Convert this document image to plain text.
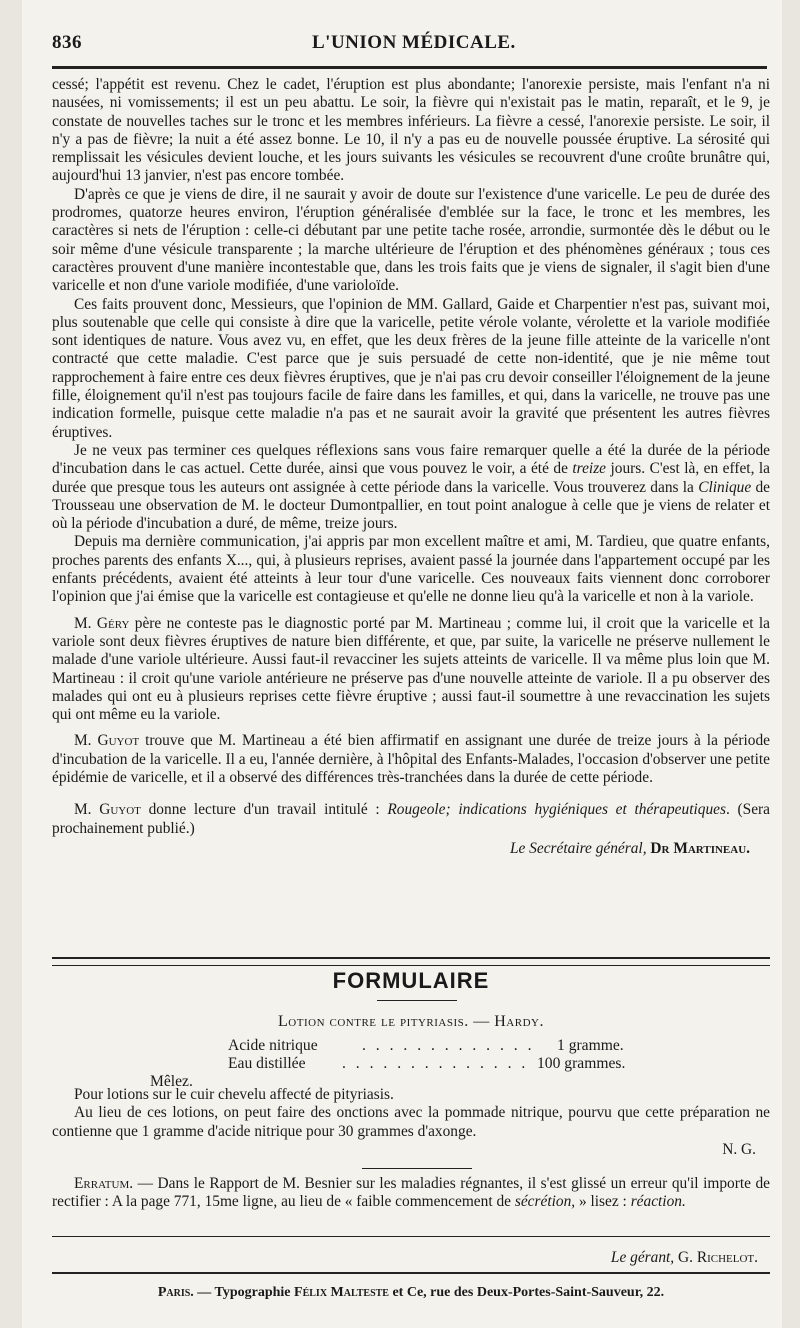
836	L'UNION MÉDICALE.

cessé; l'appétit est revenu. Chez le cadet, l'éruption est plus abondante; l'anorexie persiste, mais l'enfant n'a ni nausées, ni vomissements; il est un peu abattu. Le soir, la fièvre qui n'existait pas le matin, reparaît, et le 9, je constate de nouvelles taches sur le tronc et les membres inférieurs. La fièvre a cessé, l'anorexie persiste. Le soir, il n'y a pas de fièvre; la nuit a été assez bonne. Le 10, il n'y a pas eu de nouvelle poussée éruptive. La sérosité qui remplissait les vésicules devient louche, et les jours suivants les vésicules se recouvrent d'une croûte brunâtre qui, aujourd'hui 13 janvier, n'est pas encore tombée.

D'après ce que je viens de dire, il ne saurait y avoir de doute sur l'existence d'une varicelle. Le peu de durée des prodromes, quatorze heures environ, l'éruption généralisée d'emblée sur la face, le tronc et les membres, les caractères si nets de l'éruption : celle-ci débutant par une petite tache rosée, arrondie, surmontée dès le début ou le soir même d'une vésicule transparente ; la marche ultérieure de l'éruption et des phénomènes généraux ; tous ces caractères prouvent d'une manière incontestable que, dans les trois faits que je viens de signaler, il s'agit bien d'une varicelle et non d'une variole modifiée, d'une varioloïde.

Ces faits prouvent donc, Messieurs, que l'opinion de MM. Gallard, Gaide et Charpentier n'est pas, suivant moi, plus soutenable que celle qui consiste à dire que la varicelle, petite vérole volante, vérolette et la variole modifiée sont identiques de nature. Vous avez vu, en effet, que les deux frères de la jeune fille atteinte de la varicelle n'ont contracté que cette maladie. C'est parce que je suis persuadé de cette non-identité, que je nie même tout rapprochement à faire entre ces deux fièvres éruptives, que je n'ai pas cru devoir conseiller l'éloignement de la jeune fille, éloignement qu'il n'est pas toujours facile de faire dans les familles, et qui, dans la varicelle, ne trouve pas une indication formelle, puisque cette maladie n'a pas et ne saurait avoir la gravité que présentent les autres fièvres éruptives.

Je ne veux pas terminer ces quelques réflexions sans vous faire remarquer quelle a été la durée de la période d'incubation dans le cas actuel. Cette durée, ainsi que vous pouvez le voir, a été de treize jours. C'est là, en effet, la durée que presque tous les auteurs ont assignée à cette période dans la varicelle. Vous trouverez dans la Clinique de Trousseau une observation de M. le docteur Dumontpallier, en tout point analogue à celle que je viens de relater et où la période d'incubation a duré, de même, treize jours.

Depuis ma dernière communication, j'ai appris par mon excellent maître et ami, M. Tardieu, que quatre enfants, proches parents des enfants X..., qui, à plusieurs reprises, avaient passé la journée dans l'appartement occupé par les enfants précédents, avaient été atteints à leur tour d'une varicelle. Ces nouveaux faits viennent donc corroborer l'opinion que j'ai émise que la varicelle est contagieuse et qu'elle ne donne lieu qu'à la varicelle et non à la variole.

M. Géry père ne conteste pas le diagnostic porté par M. Martineau ; comme lui, il croit que la varicelle et la variole sont deux fièvres éruptives de nature bien différente, et que, par suite, la varicelle ne préserve nullement le malade d'une variole ultérieure. Aussi faut-il revacciner les sujets atteints de varicelle. Il va même plus loin que M. Martineau : il croit qu'une variole antérieure ne préserve pas d'une nouvelle atteinte de variole. Il a pu observer des malades qui ont eu à plusieurs reprises cette fièvre éruptive ; aussi faut-il soumettre à une revaccination les sujets qui ont même eu la variole.

M. Guyot trouve que M. Martineau a été bien affirmatif en assignant une durée de treize jours à la période d'incubation de la varicelle. Il a eu, l'année dernière, à l'hôpital des Enfants-Malades, l'occasion d'observer une petite épidémie de varicelle, et il a observé des différences très-tranchées dans la durée de cette période.

M. Guyot donne lecture d'un travail intitulé : Rougeole; indications hygiéniques et thérapeutiques. (Sera prochainement publié.)

Le Secrétaire général, Dr Martineau.
FORMULAIRE
Lotion contre le pityriasis. — Hardy.
Acide nitrique	. . . . . . . . . . . . . 1 gramme.
Eau distillée . . . . . . . . . . . . . . 100 grammes.
Mêlez.

Pour lotions sur le cuir chevelu affecté de pityriasis.

Au lieu de ces lotions, on peut faire des onctions avec la pommade nitrique, pourvu que cette préparation ne contienne que 1 gramme d'acide nitrique pour 30 grammes d'axonge.

N. G.

Erratum. — Dans le Rapport de M. Besnier sur les maladies régnantes, il s'est glissé un erreur qu'il importe de rectifier : A la page 771, 15me ligne, au lieu de « faible commencement de sécrétion, » lisez : réaction.

Le gérant, G. Richelot.
Paris. — Typographie Félix Malteste et Ce, rue des Deux-Portes-Saint-Sauveur, 22.
